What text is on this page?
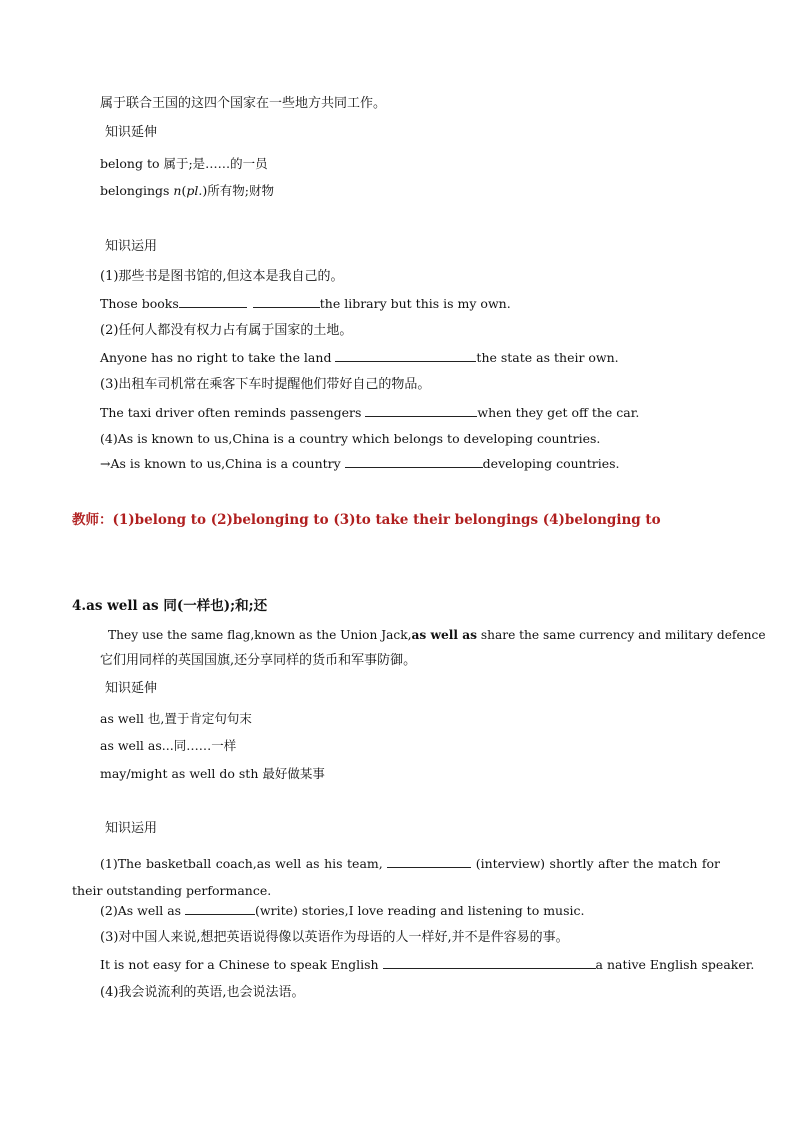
属于联合王国的这四个国家在一些地方共同工作。
知识延伸
belong to 属于;是……的一员
belongings n(pl.)所有物;财物
知识运用
(1)那些书是图书馆的,但这本是我自己的。
Those books	the library but this is my own.
(2)任何人都没有权力占有属于国家的土地。
Anyone has no right to take the land	the state as their own.
(3)出租车司机常在乘客下车时提醒他们带好自己的物品。
The taxi driver often reminds passengers	when they get off the car.
(4)As is known to us,China is a country which belongs to developing countries.
→As is known to us,China is a country	developing countries.
教师：(1)belong to (2)belonging to (3)to take their belongings (4)belonging to
4.as well as 同(一样也);和;还
They use the same flag,known as the Union Jack,as well as share the same currency and military defence
它们用同样的英国国旗,还分享同样的货币和军事防御。
知识延伸
as well 也,置于肯定句句末
as well as...同……一样
may/might as well do sth 最好做某事
知识运用
(1)The basketball coach,as well as his team,	(interview) shortly after the match for their outstanding performance.
(2)As well as	(write) stories,I love reading and listening to music.
(3)对中国人来说,想把英语说得像以英语作为母语的人一样好,并不是件容易的事。
It is not easy for a Chinese to speak English	a native English speaker.
(4)我会说流利的英语,也会说法语。
